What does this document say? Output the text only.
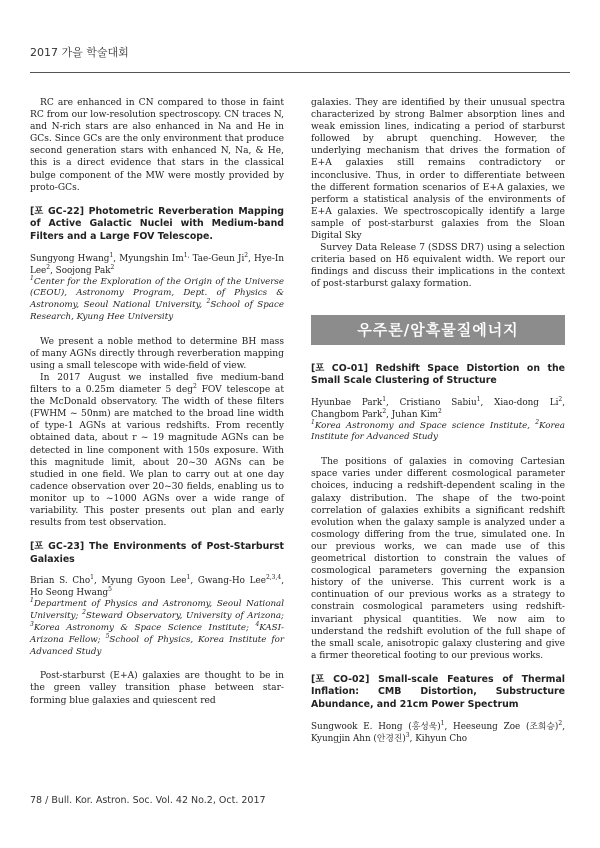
2017 가을 학술대회

RC are enhanced in CN compared to those in faint RC from our low-resolution spectroscopy. CN traces N, and N-rich stars are also enhanced in Na and He in GCs. Since GCs are the only environment that produce second generation stars with enhanced N, Na, & He, this is a direct evidence that stars in the classical bulge component of the MW were mostly provided by proto-GCs.

[포 GC-22] Photometric Reverberation Mapping of Active Galactic Nuclei with Medium-band Filters and a Large FOV Telescope.

Sungyong Hwang$^1$, Myungshin $Im^{1,}$ Tae-Geun Ji$^2$, Hye-In Lee$^2$, Soojong Pak$^2$

$^1$Center for the Exploration of the Origin of the Universe (CEOU), Astronomy Program, Dept. of Physics & Astronomy, Seoul National University, $^2$School of Space Research, Kyung Hee University

We present a noble method to determine BH mass of many AGNs directly through reverberation mapping using a small telescope with wide-field of view.

In 2017 August we installed five medium-band filters to a 0.25m diameter 5 deg$^2$ FOV telescope at the McDonald observatory. The width of these filters (FWHM ~ 50nm) are matched to the broad line width of type-1 AGNs at various redshifts. From recently obtained data, about r ~ 19 magnitude AGNs can be detected in line component with 150s exposure. With this magnitude limit, about 20~30 AGNs can be studied in one field. We plan to carry out at one day cadence observation over 20~30 fields, enabling us to monitor up to ~1000 AGNs over a wide range of variability. This poster presents out plan and early results from test observation.

[포 GC-23] The Environments of Post-Starburst Galaxies

Brian S. Cho$^1$, Myung Gyoon Lee$^1$, Gwang-Ho Lee$^{2,3,4}$, Ho Seong Hwang$^5$

$^1$Department of Physics and Astronomy, Seoul National University; $^2$Steward Observatory, University of Arizona; $^3$Korea Astronomy & Space Science Institute; $^4$KASI-Arizona Fellow; $^5$School of Physics, Korea Institute for Advanced Study

Post-starburst (E+A) galaxies are thought to be in the green valley transition phase between star-forming blue galaxies and quiescent red

galaxies. They are identified by their unusual spectra characterized by strong Balmer absorption lines and weak emission lines, indicating a period of starburst followed by abrupt quenching. However, the underlying mechanism that drives the formation of E+A galaxies still remains contradictory or inconclusive. Thus, in order to differentiate between the different formation scenarios of E+A galaxies, we perform a statistical analysis of the environments of E+A galaxies. We spectroscopically identify a large sample of post-starburst galaxies from the Sloan Digital Sky
Survey Data Release 7 (SDSS DR7) using a selection criteria based on Hδ equivalent width. We report our findings and discuss their implications in the context of post-starburst galaxy formation.

우주론/암흑물질에너지

[포 CO-01] Redshift Space Distortion on the Small Scale Clustering of Structure

Hyunbae Park$^1$, Cristiano Sabiu$^1$, Xiao-dong Li$^2$, Changbom Park$^2$, Juhan Kim$^2$

$^1$Korea Astronomy and Space science Institute, $^2$Korea Institute for Advanced Study

The positions of galaxies in comoving Cartesian space varies under different cosmological parameter choices, inducing a redshift-dependent scaling in the galaxy distribution. The shape of the two-point correlation of galaxies exhibits a significant redshift evolution when the galaxy sample is analyzed under a cosmology differing from the true, simulated one. In our previous works, we can made use of this geometrical distortion to constrain the values of cosmological parameters governing the expansion history of the universe. This current work is a continuation of our previous works as a strategy to constrain cosmological parameters using redshift-invariant physical quantities. We now aim to understand the redshift evolution of the full shape of the small scale, anisotropic galaxy clustering and give a firmer theoretical footing to our previous works.

[포 CO-02] Small-scale Features of Thermal Inflation: CMB Distortion, Substructure Abundance, and 21cm Power Spectrum

Sungwook E. Hong (홍성욱)$^1$, Heeseung Zoe (조희승)$^2$, Kyungjin Ahn (안경진)$^3$, Kihyun Cho

78 / Bull. Kor. Astron. Soc. Vol. 42 No.2, Oct. 2017
